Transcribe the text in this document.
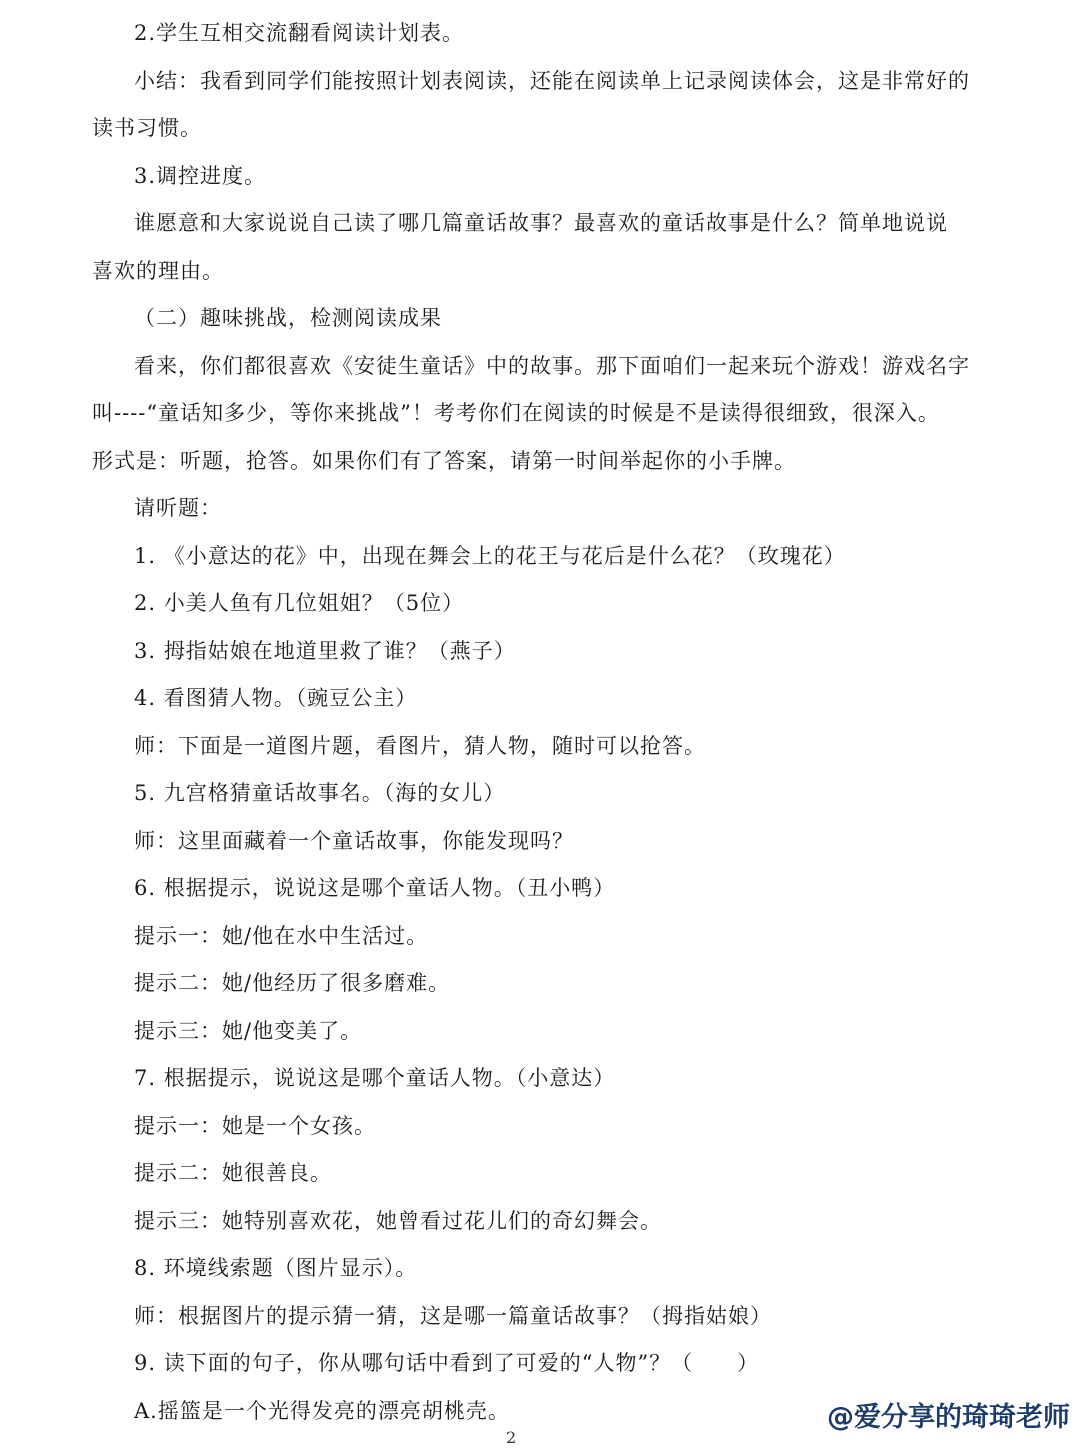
2.学生互相交流翻看阅读计划表。
小结：我看到同学们能按照计划表阅读，还能在阅读单上记录阅读体会，这是非常好的
读书习惯。
3.调控进度。
谁愿意和大家说说自己读了哪几篇童话故事？最喜欢的童话故事是什么？简单地说说
喜欢的理由。
（二）趣味挑战，检测阅读成果
看来，你们都很喜欢《安徒生童话》中的故事。那下面咱们一起来玩个游戏！游戏名字
叫----“童话知多少，等你来挑战”！考考你们在阅读的时候是不是读得很细致，很深入。
形式是：听题，抢答。如果你们有了答案，请第一时间举起你的小手牌。
请听题：
1. 《小意达的花》中，出现在舞会上的花王与花后是什么花？（玫瑰花）
2. 小美人鱼有几位姐姐？（5位）
3. 拇指姑娘在地道里救了谁？（燕子）
4. 看图猜人物。（豌豆公主）
师：下面是一道图片题，看图片，猜人物，随时可以抢答。
5. 九宫格猜童话故事名。（海的女儿）
师：这里面藏着一个童话故事，你能发现吗？
6. 根据提示，说说这是哪个童话人物。（丑小鸭）
提示一：她/他在水中生活过。
提示二：她/他经历了很多磨难。
提示三：她/他变美了。
7. 根据提示，说说这是哪个童话人物。（小意达）
提示一：她是一个女孩。
提示二：她很善良。
提示三：她特别喜欢花，她曾看过花儿们的奇幻舞会。
8. 环境线索题（图片显示）。
师：根据图片的提示猜一猜，这是哪一篇童话故事？（拇指姑娘）
9. 读下面的句子，你从哪句话中看到了可爱的“人物”？（　　）
A.摇篮是一个光得发亮的漂亮胡桃壳。
2
@爱分享的琦琦老师
